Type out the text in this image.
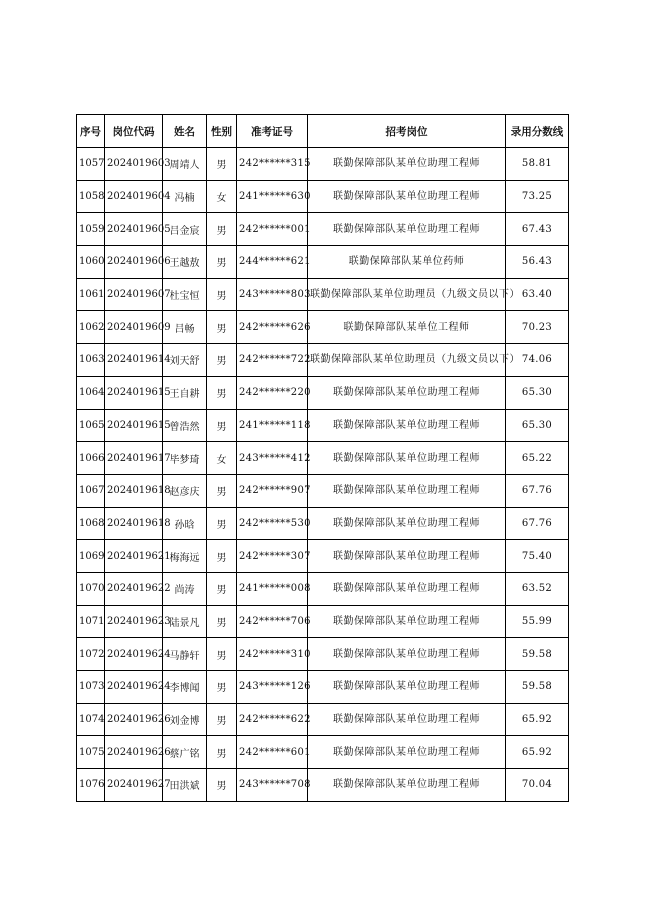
序号	岗位代码	姓名	性别	准考证号	招考岗位	录用分数线
1057	2024019603	周靖人	男	242******315	联勤保障部队某单位助理工程师	58.81
1058	2024019604	冯楠	女	241******630	联勤保障部队某单位助理工程师	73.25
1059	2024019605	吕金宸	男	242******001	联勤保障部队某单位助理工程师	67.43
1060	2024019606	王越敖	男	244******621	联勤保障部队某单位药师	56.43
1061	2024019607	杜宝恒	男	243******803	联勤保障部队某单位助理员（九级文员以下）	63.40
1062	2024019609	吕畅	男	242******626	联勤保障部队某单位工程师	70.23
1063	2024019614	刘天舒	男	242******722	联勤保障部队某单位助理员（九级文员以下）	74.06
1064	2024019615	王自耕	男	242******220	联勤保障部队某单位助理工程师	65.30
1065	2024019615	曾浩然	男	241******118	联勤保障部队某单位助理工程师	65.30
1066	2024019617	毕梦琦	女	243******412	联勤保障部队某单位助理工程师	65.22
1067	2024019618	赵彦庆	男	242******907	联勤保障部队某单位助理工程师	67.76
1068	2024019618	孙晗	男	242******530	联勤保障部队某单位助理工程师	67.76
1069	2024019621	梅海远	男	242******307	联勤保障部队某单位助理工程师	75.40
1070	2024019622	尚涛	男	241******008	联勤保障部队某单位助理工程师	63.52
1071	2024019623	陆景凡	男	242******706	联勤保障部队某单位助理工程师	55.99
1072	2024019624	马静轩	男	242******310	联勤保障部队某单位助理工程师	59.58
1073	2024019624	李博闻	男	243******126	联勤保障部队某单位助理工程师	59.58
1074	2024019626	刘金博	男	242******622	联勤保障部队某单位助理工程师	65.92
1075	2024019626	蔡广铭	男	242******601	联勤保障部队某单位助理工程师	65.92
1076	2024019627	田洪斌	男	243******708	联勤保障部队某单位助理工程师	70.04
